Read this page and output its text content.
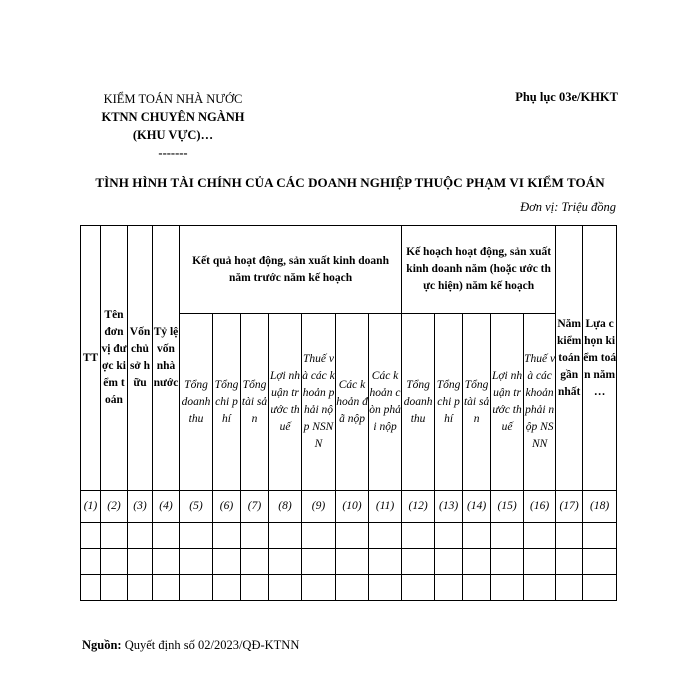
KIỂM TOÁN NHÀ NƯỚC
KTNN CHUYÊN NGÀNH
(KHU VỰC)…
-------
Phụ lục 03e/KHKT
TÌNH HÌNH TÀI CHÍNH CỦA CÁC DOANH NGHIỆP THUỘC PHẠM VI KIỂM TOÁN
Đơn vị: Triệu đồng
TT	Tên đơn vị được kiểm toán	Vốn chủ sở hữu	Tỷ lệ vốn nhà nước	Kết quả hoạt động, sản xuất kinh doanh năm trước năm kế hoạch							Kế hoạch hoạt động, sản xuất kinh doanh năm (hoặc ước thực hiện) năm kế hoạch					Năm kiểm toán gần nhất	Lựa chọn kiểm toán năm …
				Tổng doanh thu	Tổng chi phí	Tổng tài sản	Lợi nhuận trước thuế	Thuế và các khoản phải nộp NSNN	Các khoản đã nộp	Các khoản còn phải nộp	Tổng doanh thu	Tổng chi phí	Tổng tài sản	Lợi nhuận trước thuế	Thuế và các khoản phải nộp NSNN		
(1)	(2)	(3)	(4)	(5)	(6)	(7)	(8)	(9)	(10)	(11)	(12)	(13)	(14)	(15)	(16)	(17)	(18)

Nguồn: Quyết định số 02/2023/QĐ-KTNN
